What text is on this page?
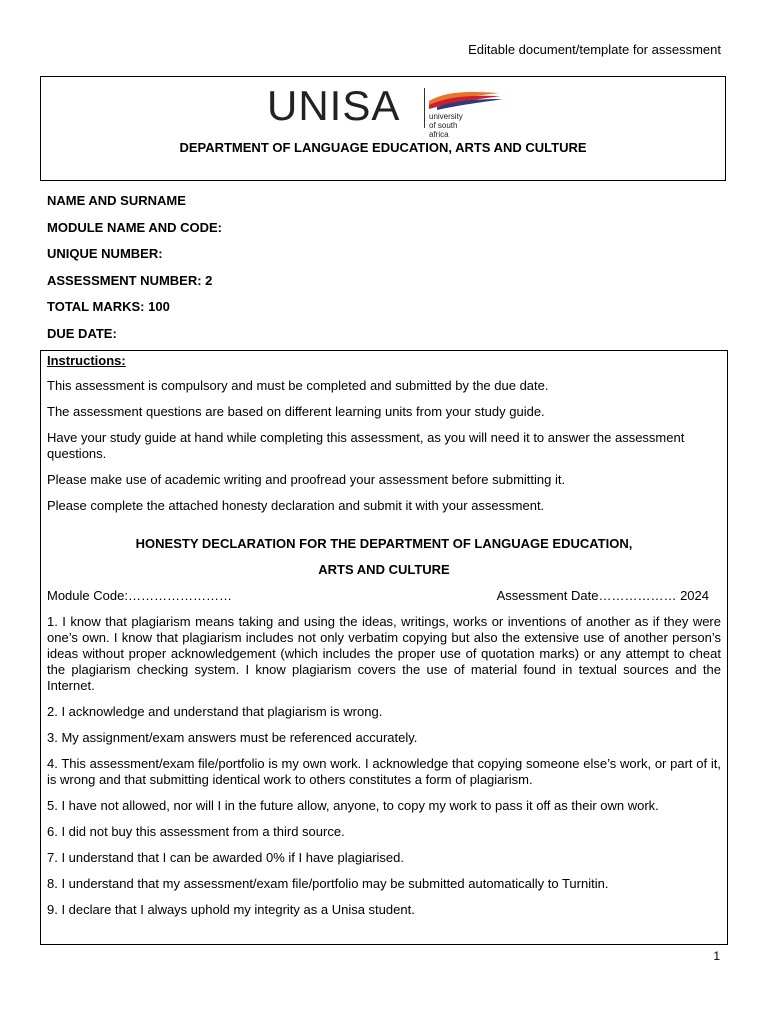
Editable document/template for assessment
UNISA	university
of south africa
DEPARTMENT OF LANGUAGE EDUCATION, ARTS AND CULTURE
NAME AND SURNAME
MODULE NAME AND CODE:
UNIQUE NUMBER:
ASSESSMENT NUMBER: 2
TOTAL MARKS: 100
DUE DATE:

Instructions:

This assessment is compulsory and must be completed and submitted by the due date.

The assessment questions are based on different learning units from your study guide.

Have your study guide at hand while completing this assessment, as you will need it to answer the assessment questions.

Please make use of academic writing and proofread your assessment before submitting it.

Please complete the attached honesty declaration and submit it with your assessment.

HONESTY DECLARATION FOR THE DEPARTMENT OF LANGUAGE EDUCATION,

ARTS AND CULTURE

Module Code:……………………	Assessment Date……………… 2024

1. I know that plagiarism means taking and using the ideas, writings, works or inventions of another as if they were one’s own. I know that plagiarism includes not only verbatim copying but also the extensive use of another person’s ideas without proper acknowledgement (which includes the proper use of quotation marks) or any attempt to cheat the plagiarism checking system. I know plagiarism covers the use of material found in textual sources and the Internet.

2. I acknowledge and understand that plagiarism is wrong.

3. My assignment/exam answers must be referenced accurately.

4. This assessment/exam file/portfolio is my own work. I acknowledge that copying someone else’s work, or part of it, is wrong and that submitting identical work to others constitutes a form of plagiarism.

5. I have not allowed, nor will I in the future allow, anyone, to copy my work to pass it off as their own work.

6. I did not buy this assessment from a third source.

7. I understand that I can be awarded 0% if I have plagiarised.

8. I understand that my assessment/exam file/portfolio may be submitted automatically to Turnitin.

9. I declare that I always uphold my integrity as a Unisa student.

1
